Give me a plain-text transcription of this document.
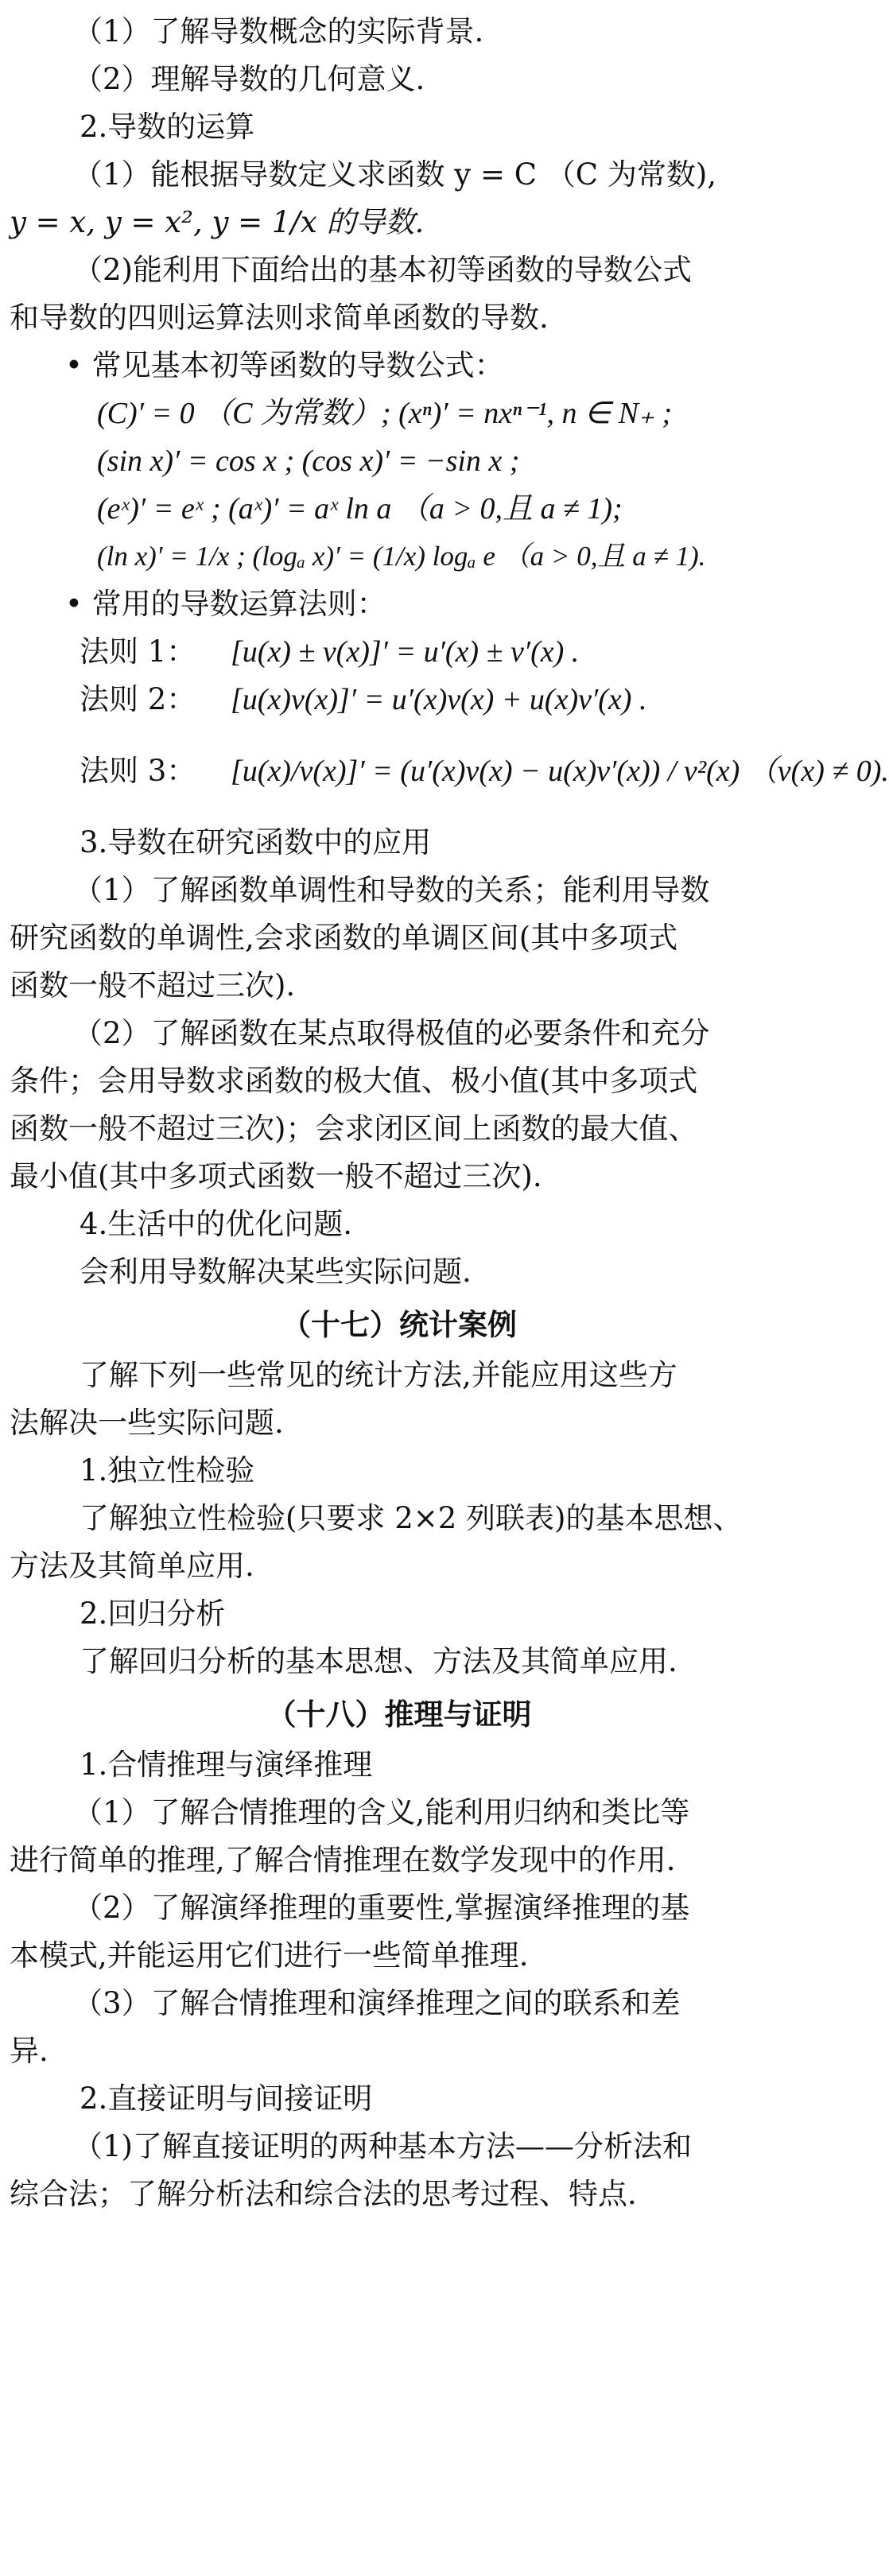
（1）了解导数概念的实际背景.

（2）理解导数的几何意义.

2.导数的运算

（1）能根据导数定义求函数 y = C （C 为常数),

y = x, y = x², y = 1/x 的导数.

（2)能利用下面给出的基本初等函数的导数公式

和导数的四则运算法则求简单函数的导数.

• 常见基本初等函数的导数公式：

(C)′ = 0 （C 为常数）; (xⁿ)′ = nxⁿ⁻¹, n ∈ N₊ ;

(sin x)′ = cos x ; (cos x)′ = −sin x ;

(eˣ)′ = eˣ ; (aˣ)′ = aˣ ln a （a > 0,且 a ≠ 1);

(ln x)′ = 1/x ; (logₐ x)′ = (1/x) logₐ e （a > 0,且 a ≠ 1).

• 常用的导数运算法则：

法则 1： [u(x) ± v(x)]′ = u′(x) ± v′(x) .

法则 2： [u(x)v(x)]′ = u′(x)v(x) + u(x)v′(x) .

法则 3： [u(x)/v(x)]′ = (u′(x)v(x) − u(x)v′(x)) / v²(x) （v(x) ≠ 0).

3.导数在研究函数中的应用

（1）了解函数单调性和导数的关系；能利用导数

研究函数的单调性,会求函数的单调区间(其中多项式

函数一般不超过三次).

（2）了解函数在某点取得极值的必要条件和充分

条件；会用导数求函数的极大值、极小值(其中多项式

函数一般不超过三次)；会求闭区间上函数的最大值、

最小值(其中多项式函数一般不超过三次).

4.生活中的优化问题.

会利用导数解决某些实际问题.

（十七）统计案例

了解下列一些常见的统计方法,并能应用这些方

法解决一些实际问题.

1.独立性检验

了解独立性检验(只要求 2×2 列联表)的基本思想、

方法及其简单应用.

2.回归分析

了解回归分析的基本思想、方法及其简单应用.

（十八）推理与证明

1.合情推理与演绎推理

（1）了解合情推理的含义,能利用归纳和类比等

进行简单的推理,了解合情推理在数学发现中的作用.

（2）了解演绎推理的重要性,掌握演绎推理的基

本模式,并能运用它们进行一些简单推理.

（3）了解合情推理和演绎推理之间的联系和差

异.

2.直接证明与间接证明

（1)了解直接证明的两种基本方法——分析法和

综合法；了解分析法和综合法的思考过程、特点.
